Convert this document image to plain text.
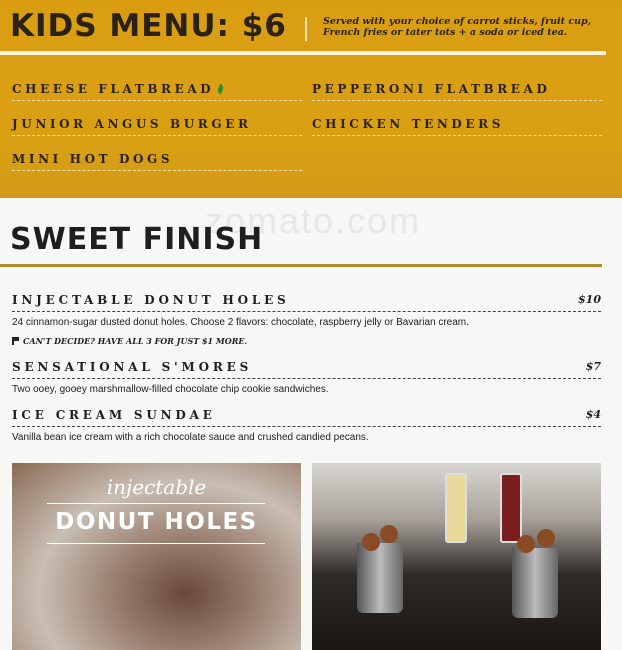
KIDS MENU: $6	Served with your choice of carrot sticks, fruit cup, French fries or tater tots + a soda or iced tea.
CHEESE FLATBREAD	PEPPERONI FLATBREAD
JUNIOR ANGUS BURGER	CHICKEN TENDERS
MINI HOT DOGS
zomato.com
SWEET FINISH
INJECTABLE DONUT HOLES	$10
24 cinnamon-sugar dusted donut holes. Choose 2 flavors: chocolate, raspberry jelly or Bavarian cream.
CAN'T DECIDE? HAVE ALL 3 FOR JUST $1 MORE.
SENSATIONAL S'MORES	$7
Two ooey, gooey marshmallow-filled chocolate chip cookie sandwiches.
ICE CREAM SUNDAE	$4
Vanilla bean ice cream with a rich chocolate sauce and crushed candied pecans.
injectable
DONUT HOLES
